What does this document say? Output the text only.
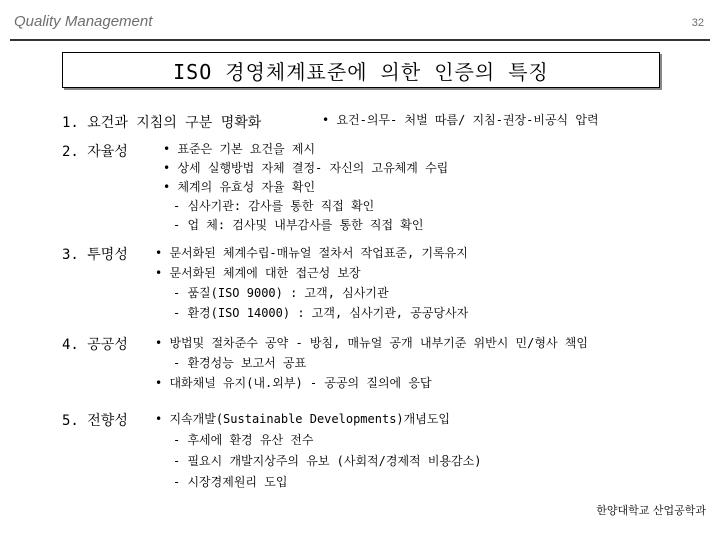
Quality Management	32
ISO 경영체계표준에 의한 인증의 특징
1. 요건과 지침의 구분 명확화	• 요건-의무- 처벌 따름/ 지침-권장-비공식 압력
2. 자율성	• 표준은 기본 요건을 제시
• 상세 실행방법 자체 결정- 자신의 고유체계 수립
• 체계의 유효성 자율 확인
- 심사기관: 감사를 통한 직접 확인
- 업 체: 검사및 내부감사를 통한 직접 확인
3. 투명성 • 문서화된 체계수립-매뉴얼 절차서 작업표준, 기록유지
• 문서화된 체계에 대한 접근성 보장
- 품질(ISO 9000) : 고객, 심사기관
- 환경(ISO 14000) : 고객, 심사기관, 공공당사자
4. 공공성 • 방법및 절차준수 공약 - 방침, 매뉴얼 공개 내부기준 위반시 민/형사 책임
- 환경성능 보고서 공표
• 대화채널 유지(내.외부) - 공공의 질의에 응답
5. 전향성 • 지속개발(Sustainable Developments)개념도입
- 후세에 환경 유산 전수
- 필요시 개발지상주의 유보 (사회적/경제적 비용감소)
- 시장경제원리 도입
한양대학교 산업공학과
